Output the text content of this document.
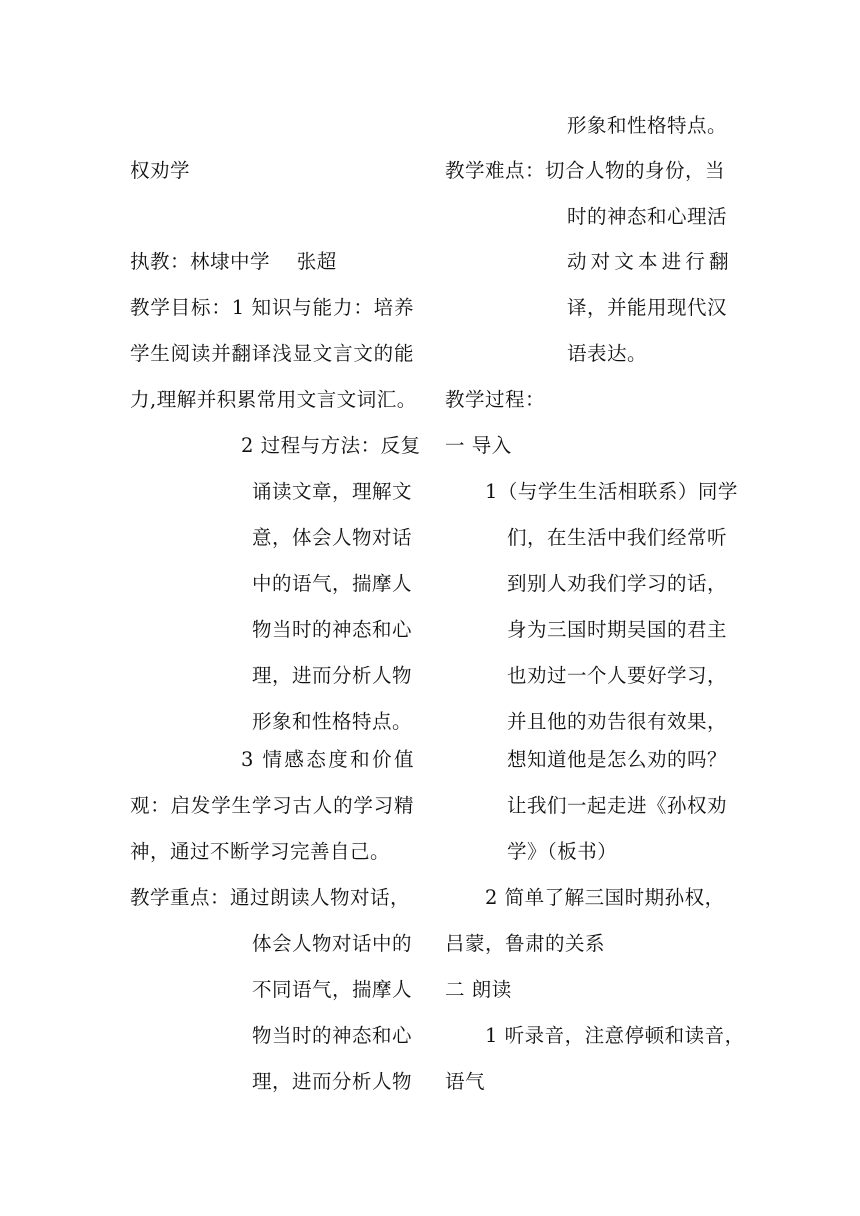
权劝学
执教：林埭中学　 张超
教学目标：1 知识与能力：培养
学生阅读并翻译浅显文言文的能
力,理解并积累常用文言文词汇。
2 过程与方法：反复
诵读文章，理解文
意，体会人物对话
中的语气，揣摩人
物当时的神态和心
理，进而分析人物
形象和性格特点。
3 情感态度和价值
观：启发学生学习古人的学习精
神，通过不断学习完善自己。
教学重点：通过朗读人物对话，
体会人物对话中的
不同语气，揣摩人
物当时的神态和心
理，进而分析人物
形象和性格特点。
教学难点：切合人物的身份，当
时的神态和心理活
动对文本进行翻
译，并能用现代汉
语表达。
教学过程：
一 导入
1（与学生生活相联系）同学
们，在生活中我们经常听
到别人劝我们学习的话，
身为三国时期吴国的君主
也劝过一个人要好学习，
并且他的劝告很有效果，
想知道他是怎么劝的吗？
让我们一起走进《孙权劝
学》（板书）
2 简单了解三国时期孙权，
吕蒙，鲁肃的关系
二 朗读
1 听录音，注意停顿和读音，
语气
